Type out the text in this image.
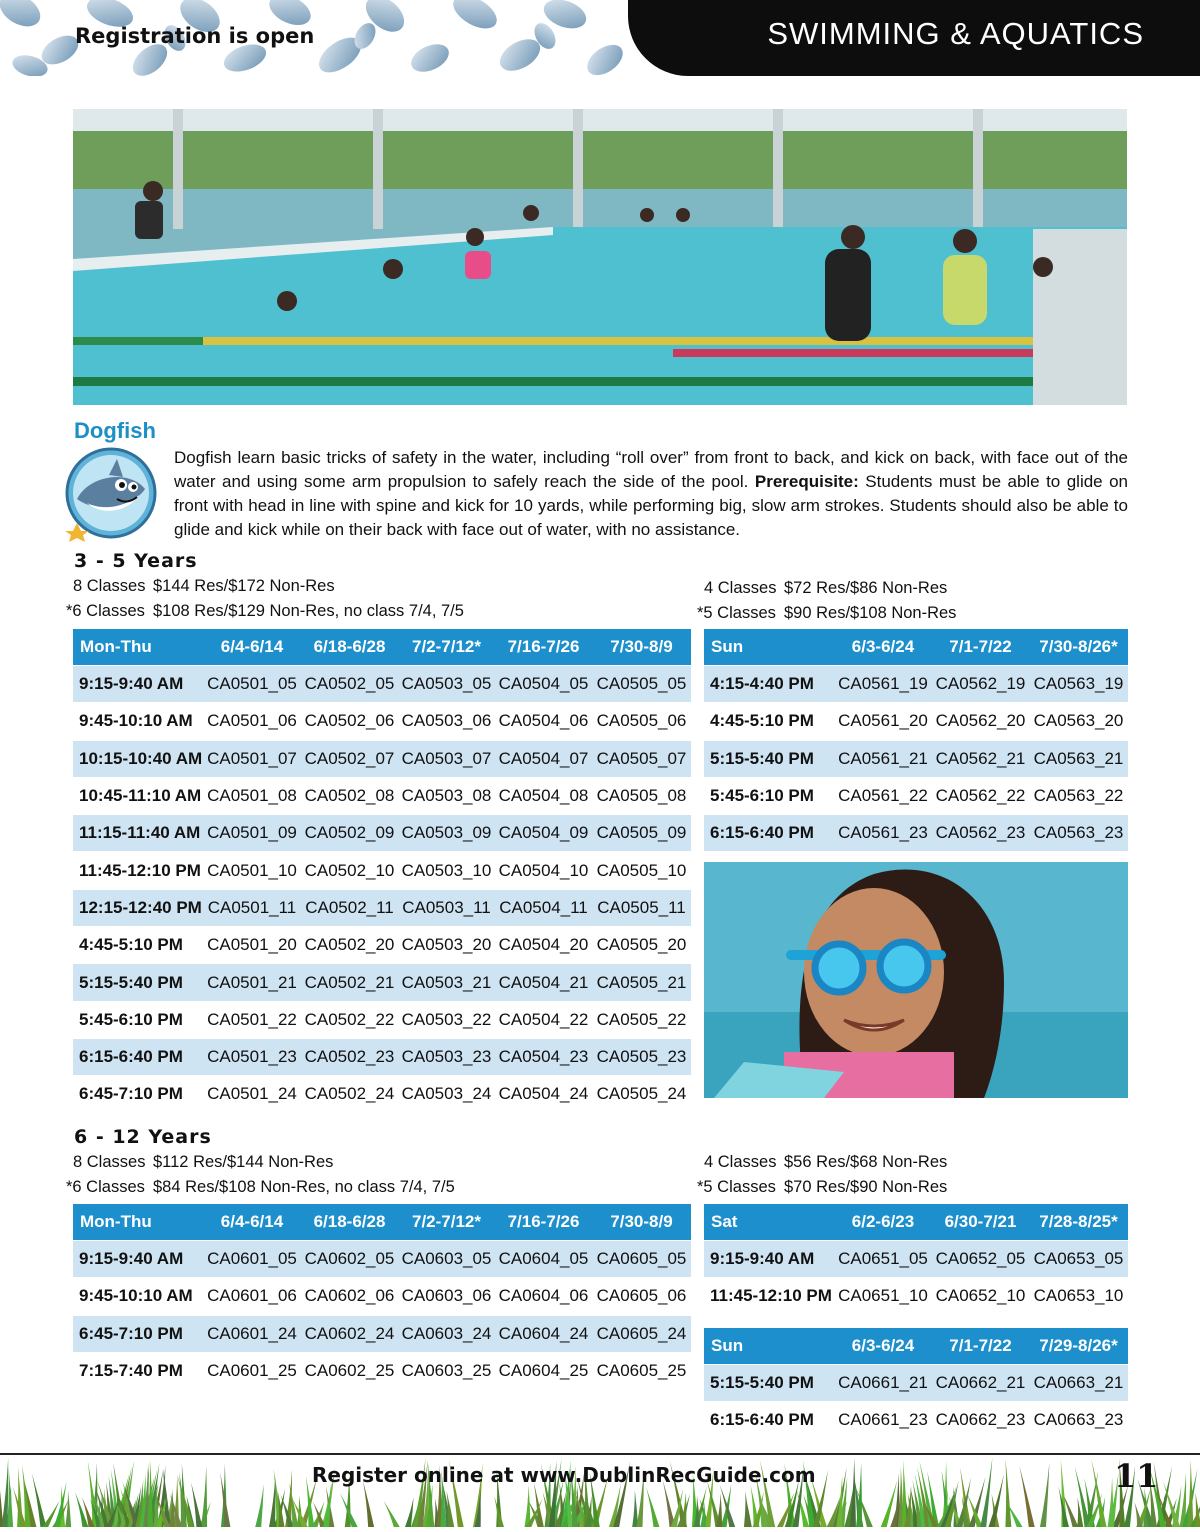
Registration is open	SWIMMING & AQUATICS
Dogfish
Dogfish learn basic tricks of safety in the water, including “roll over” from front to back, and kick on back, with face out of the water and using some arm propulsion to safely reach the side of the pool. Prerequisite: Students must be able to glide on front with head in line with spine and kick for 10 yards, while performing big, slow arm strokes. Students should also be able to glide and kick while on their back with face out of water, with no assistance.
3 - 5 Years
8 Classes $144 Res/$172 Non-Res
*6 Classes $108 Res/$129 Non-Res, no class 7/4, 7/5
4 Classes $72 Res/$86 Non-Res
*5 Classes $90 Res/$108 Non-Res
Mon-Thu	6/4-6/14	6/18-6/28	7/2-7/12*	7/16-7/26	7/30-8/9
9:15-9:40 AM	CA0501_05	CA0502_05	CA0503_05	CA0504_05	CA0505_05
9:45-10:10 AM	CA0501_06	CA0502_06	CA0503_06	CA0504_06	CA0505_06
10:15-10:40 AM	CA0501_07	CA0502_07	CA0503_07	CA0504_07	CA0505_07
10:45-11:10 AM	CA0501_08	CA0502_08	CA0503_08	CA0504_08	CA0505_08
11:15-11:40 AM	CA0501_09	CA0502_09	CA0503_09	CA0504_09	CA0505_09
11:45-12:10 PM	CA0501_10	CA0502_10	CA0503_10	CA0504_10	CA0505_10
12:15-12:40 PM	CA0501_11	CA0502_11	CA0503_11	CA0504_11	CA0505_11
4:45-5:10 PM	CA0501_20	CA0502_20	CA0503_20	CA0504_20	CA0505_20
5:15-5:40 PM	CA0501_21	CA0502_21	CA0503_21	CA0504_21	CA0505_21
5:45-6:10 PM	CA0501_22	CA0502_22	CA0503_22	CA0504_22	CA0505_22
6:15-6:40 PM	CA0501_23	CA0502_23	CA0503_23	CA0504_23	CA0505_23
6:45-7:10 PM	CA0501_24	CA0502_24	CA0503_24	CA0504_24	CA0505_24
Sun	6/3-6/24	7/1-7/22	7/30-8/26*
4:15-4:40 PM	CA0561_19	CA0562_19	CA0563_19
4:45-5:10 PM	CA0561_20	CA0562_20	CA0563_20
5:15-5:40 PM	CA0561_21	CA0562_21	CA0563_21
5:45-6:10 PM	CA0561_22	CA0562_22	CA0563_22
6:15-6:40 PM	CA0561_23	CA0562_23	CA0563_23
6 - 12 Years
8 Classes $112 Res/$144 Non-Res
*6 Classes $84 Res/$108 Non-Res, no class 7/4, 7/5
4 Classes $56 Res/$68 Non-Res
*5 Classes $70 Res/$90 Non-Res
Mon-Thu	6/4-6/14	6/18-6/28	7/2-7/12*	7/16-7/26	7/30-8/9
9:15-9:40 AM	CA0601_05	CA0602_05	CA0603_05	CA0604_05	CA0605_05
9:45-10:10 AM	CA0601_06	CA0602_06	CA0603_06	CA0604_06	CA0605_06
6:45-7:10 PM	CA0601_24	CA0602_24	CA0603_24	CA0604_24	CA0605_24
7:15-7:40 PM	CA0601_25	CA0602_25	CA0603_25	CA0604_25	CA0605_25
Sat	6/2-6/23	6/30-7/21	7/28-8/25*
9:15-9:40 AM	CA0651_05	CA0652_05	CA0653_05
11:45-12:10 PM	CA0651_10	CA0652_10	CA0653_10
Sun	6/3-6/24	7/1-7/22	7/29-8/26*
5:15-5:40 PM	CA0661_21	CA0662_21	CA0663_21
6:15-6:40 PM	CA0661_23	CA0662_23	CA0663_23
Register online at www.DublinRecGuide.com	11
